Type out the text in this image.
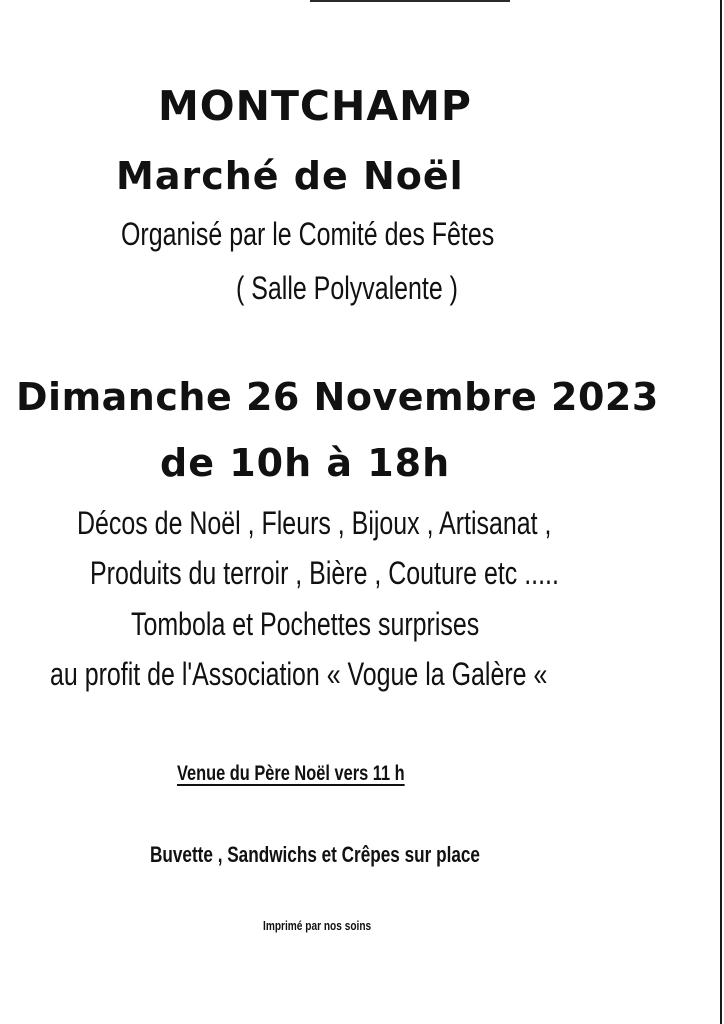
MONTCHAMP
Marché de Noël

Organisé par le Comité des Fêtes

( Salle Polyvalente )

Dimanche 26 Novembre 2023

de 10h à 18h

Décos de Noël , Fleurs , Bijoux , Artisanat ,

Produits du terroir , Bière , Couture etc .....

Tombola et Pochettes surprises

au profit de l'Association « Vogue la Galère «

Venue du Père Noël vers 11 h

Buvette , Sandwichs et Crêpes sur place

Imprimé par nos soins
